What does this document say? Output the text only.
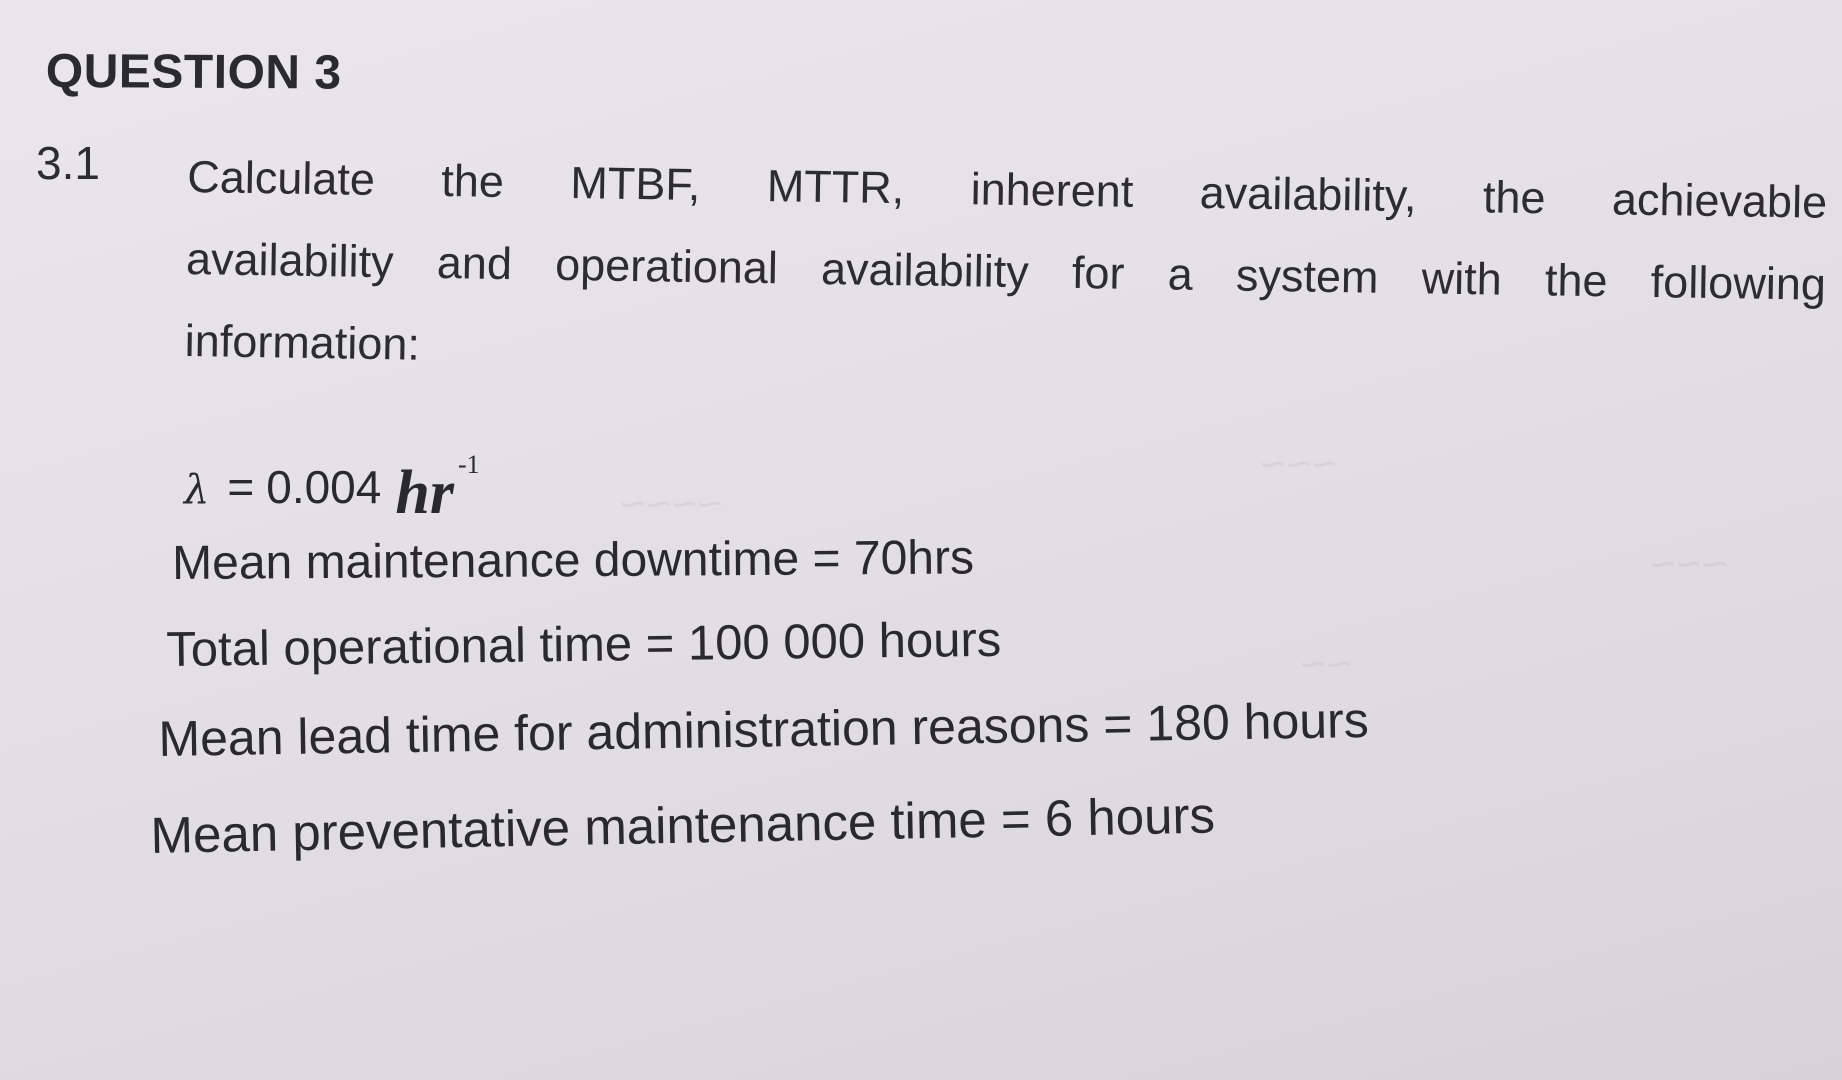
QUESTION 3
3.1 Calculate the MTBF, MTTR, inherent availability, the achievable
availability and operational availability for a system with the following
information:
λ = 0.004 hr -1
Mean maintenance downtime = 70hrs
Total operational time = 100 000 hours
Mean lead time for administration reasons = 180 hours
Mean preventative maintenance time = 6 hours
~~~~
~~~
~~
~~~
